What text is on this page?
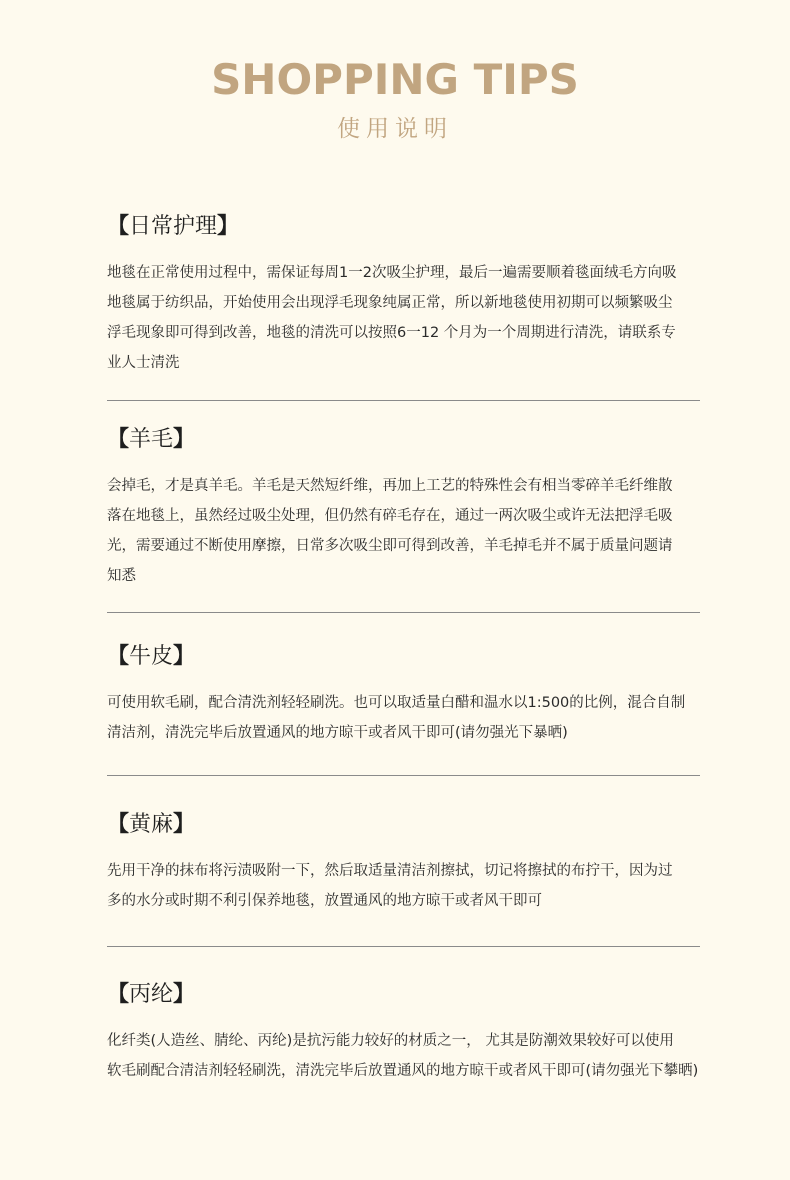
SHOPPING TIPS
使用说明
【日常护理】

地毯在正常使用过程中，需保证每周1一2次吸尘护理，最后一遍需要顺着毯面绒毛方向吸
地毯属于纺织品，开始使用会出现浮毛现象纯属正常，所以新地毯使用初期可以频繁吸尘
浮毛现象即可得到改善，地毯的清洗可以按照6一12 个月为一个周期进行清洗，请联系专
业人士清洗

【羊毛】

会掉毛，才是真羊毛。羊毛是天然短纤维，再加上工艺的特殊性会有相当零碎羊毛纤维散
落在地毯上，虽然经过吸尘处理，但仍然有碎毛存在，通过一两次吸尘或许无法把浮毛吸
光，需要通过不断使用摩擦，日常多次吸尘即可得到改善，羊毛掉毛并不属于质量问题请
知悉

【牛皮】

可使用软毛刷，配合清洗剂轻轻刷洗。也可以取适量白醋和温水以1:500的比例，混合自制
清洁剂，清洗完毕后放置通风的地方晾干或者风干即可(请勿强光下暴晒)

【黄麻】

先用干净的抹布将污渍吸附一下，然后取适量清洁剂擦拭，切记将擦拭的布拧干，因为过
多的水分或时期不利引保养地毯，放置通风的地方晾干或者风干即可

【丙纶】

化纤类(人造丝、腈纶、丙纶)是抗污能力较好的材质之一， 尤其是防潮效果较好可以使用
软毛刷配合清洁剂轻轻刷洗，清洗完毕后放置通风的地方晾干或者风干即可(请勿强光下攀晒)
